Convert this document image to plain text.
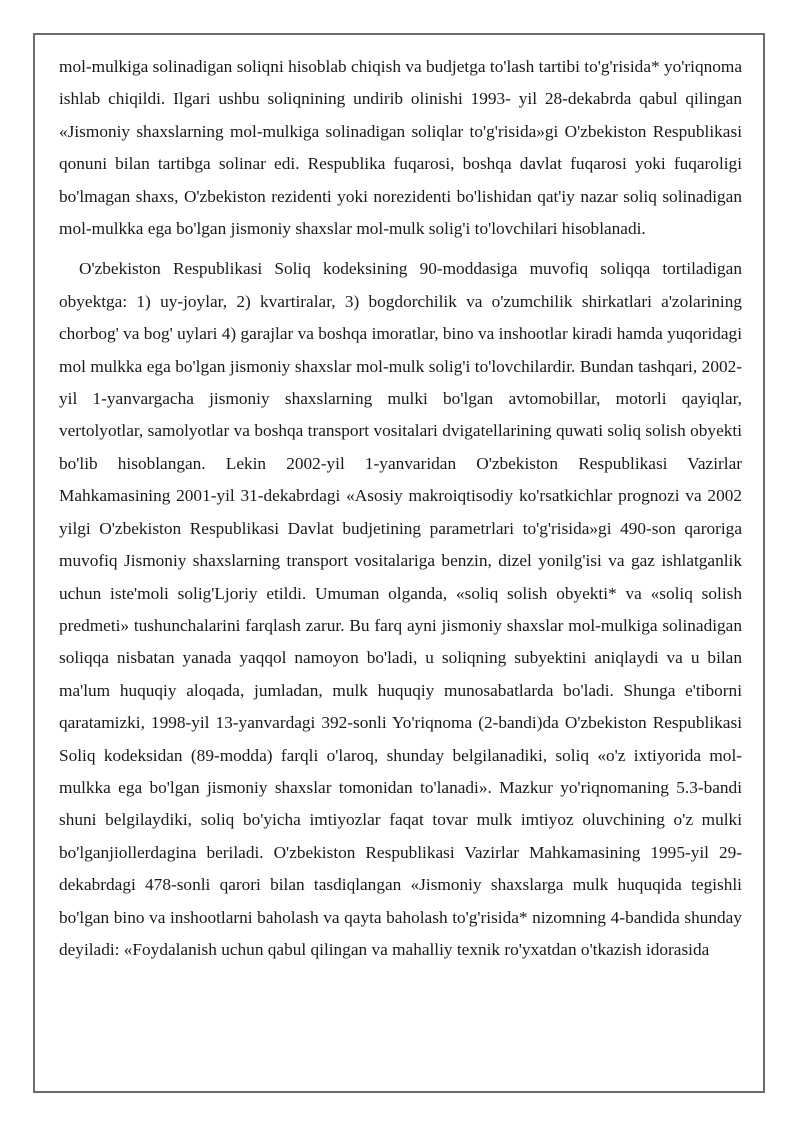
mol-mulkiga solinadigan soliqni hisoblab chiqish va budjetga to'lash tartibi to'g'risida* yo'riqnoma ishlab chiqildi. Ilgari ushbu soliqnining undirib olinishi 1993- yil 28-dekabrda qabul qilingan «Jismoniy shaxslarning mol-mulkiga solinadigan soliqlar to'g'risida»gi O'zbekiston Respublikasi qonuni bilan tartibga solinar edi. Respublika fuqarosi, boshqa davlat fuqarosi yoki fuqaroligi bo'lmagan shaxs, O'zbekiston rezidenti yoki norezidenti bo'lishidan qat'iy nazar soliq solinadigan mol-mulkka ega bo'lgan jismoniy shaxslar mol-mulk solig'i to'lovchilari hisoblanadi.

O'zbekiston Respublikasi Soliq kodeksining 90-moddasiga muvofiq soliqqa tortiladigan obyektga: 1) uy-joylar, 2) kvartiralar, 3) bogdorchilik va o'zumchilik shirkatlari a'zolarining chorbog' va bog' uylari 4) garajlar va boshqa imoratlar, bino va inshootlar kiradi hamda yuqoridagi mol mulkka ega bo'lgan jismoniy shaxslar mol-mulk solig'i to'lovchilardir. Bundan tashqari, 2002-yil 1-yanvargacha jismoniy shaxslarning mulki bo'lgan avtomobillar, motorli qayiqlar, vertolyotlar, samolyotlar va boshqa transport vositalari dvigatellarining quwati soliq solish obyekti bo'lib hisoblangan. Lekin 2002-yil 1-yanvaridan O'zbekiston Respublikasi Vazirlar Mahkamasining 2001-yil 31-dekabrdagi «Asosiy makroiqtisodiy ko'rsatkichlar prognozi va 2002 yilgi O'zbekiston Respublikasi Davlat budjetining parametrlari to'g'risida»gi 490-son qaroriga muvofiq Jismoniy shaxslarning transport vositalariga benzin, dizel yonilg'isi va gaz ishlatganlik uchun iste'moli solig'Ljoriy etildi. Umuman olganda, «soliq solish obyekti* va «soliq solish predmeti» tushunchalarini farqlash zarur. Bu farq ayni jismoniy shaxslar mol-mulkiga solinadigan soliqqa nisbatan yanada yaqqol namoyon bo'ladi, u soliqning subyektini aniqlaydi va u bilan ma'lum huquqiy aloqada, jumladan, mulk huquqiy munosabatlarda bo'ladi. Shunga e'tiborni qaratamizki, 1998-yil 13-yanvardagi 392-sonli Yo'riqnoma (2-bandi)da O'zbekiston Respublikasi Soliq kodeksidan (89-modda) farqli o'laroq, shunday belgilanadiki, soliq «o'z ixtiyorida mol-mulkka ega bo'lgan jismoniy shaxslar tomonidan to'lanadi». Mazkur yo'riqnomaning 5.3-bandi shuni belgilaydiki, soliq bo'yicha imtiyozlar faqat tovar mulk imtiyoz oluvchining o'z mulki bo'lganjiollerdagina beriladi. O'zbekiston Respublikasi Vazirlar Mahkamasining 1995-yil 29-dekabrdagi 478-sonli qarori bilan tasdiqlangan «Jismoniy shaxslarga mulk huquqida tegishli bo'lgan bino va inshootlarni baholash va qayta baholash to'g'risida* nizomning 4-bandida shunday deyiladi: «Foydalanish uchun qabul qilingan va mahalliy texnik ro'yxatdan o'tkazish idorasida
